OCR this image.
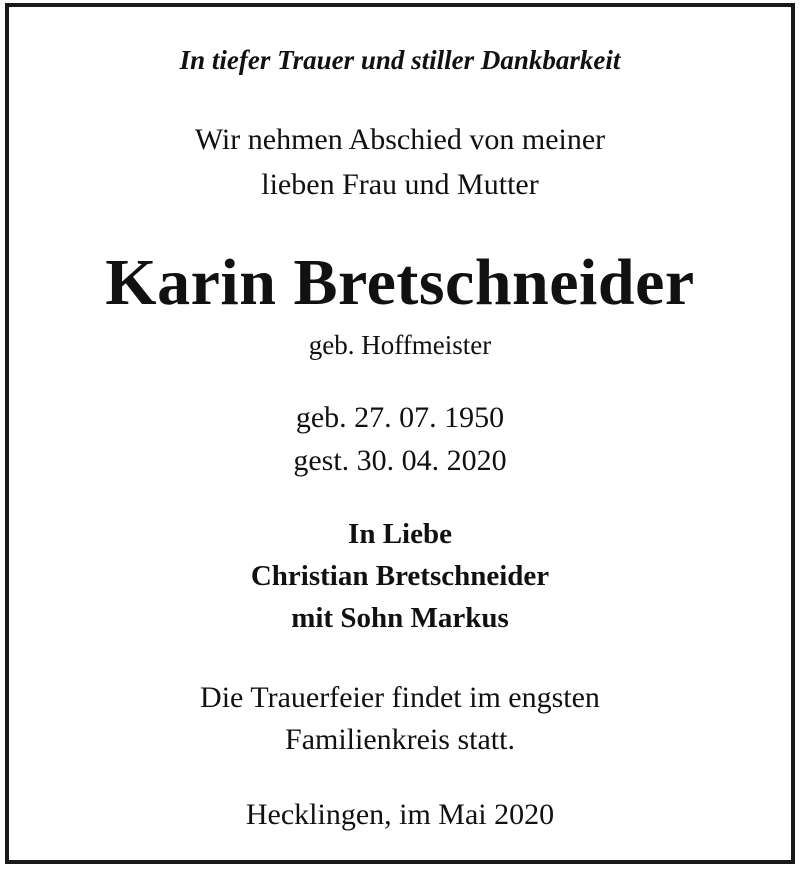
In tiefer Trauer und stiller Dankbarkeit
Wir nehmen Abschied von meiner
lieben Frau und Mutter
Karin Bretschneider
geb. Hoffmeister
geb. 27. 07. 1950
gest. 30. 04. 2020
In Liebe
Christian Bretschneider
mit Sohn Markus
Die Trauerfeier findet im engsten
Familienkreis statt.
Hecklingen, im Mai 2020
